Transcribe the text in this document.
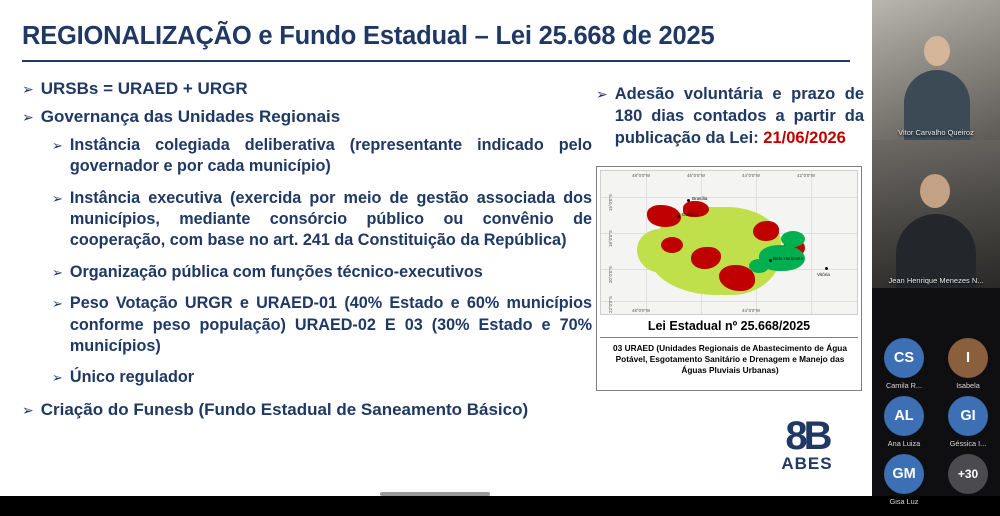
REGIONALIZAÇÃO e Fundo Estadual – Lei 25.668 de 2025
➢ URSBs = URAED + URGR
➢ Governança das Unidades Regionais
➢ Instância colegiada deliberativa (representante indicado pelo governador e por cada município)
➢ Instância executiva (exercida por meio de gestão associada dos municípios, mediante consórcio público ou convênio de cooperação, com base no art. 241 da Constituição da República)
➢ Organização pública com funções técnico-executivos
➢ Peso Votação URGR e URAED-01 (40% Estado e 60% municípios conforme peso população) URAED-02 E 03 (30% Estado e 70% municípios)
➢ Único regulador
➢ Criação do Funesb (Fundo Estadual de Saneamento Básico)
➢ Adesão voluntária e prazo de 180 dias contados a partir da publicação da Lei: 21/06/2026
48°0'0"W	46°0'0"W	44°0'0"W	42°0'0"W
48°0'0"W	44°0'0"W
16°0'0"S
18°0'0"S
20°0'0"S
22°0'0"S
Brasília
Goiânia
Belo Horizonte
Vitória
Lei Estadual nº 25.668/2025
03 URAED (Unidades Regionais de Abastecimento de Água Potável, Esgotamento Sanitário e Drenagem e Manejo das Águas Pluviais Urbanas)
8B
ABES
Vitor Carvalho Queiroz
Jean Henrique Menezes N...
CS
Camila R...
I
Isabela
AL
Ana Luiza
GI
Géssica I...
GM
Gisa Luz
+30
